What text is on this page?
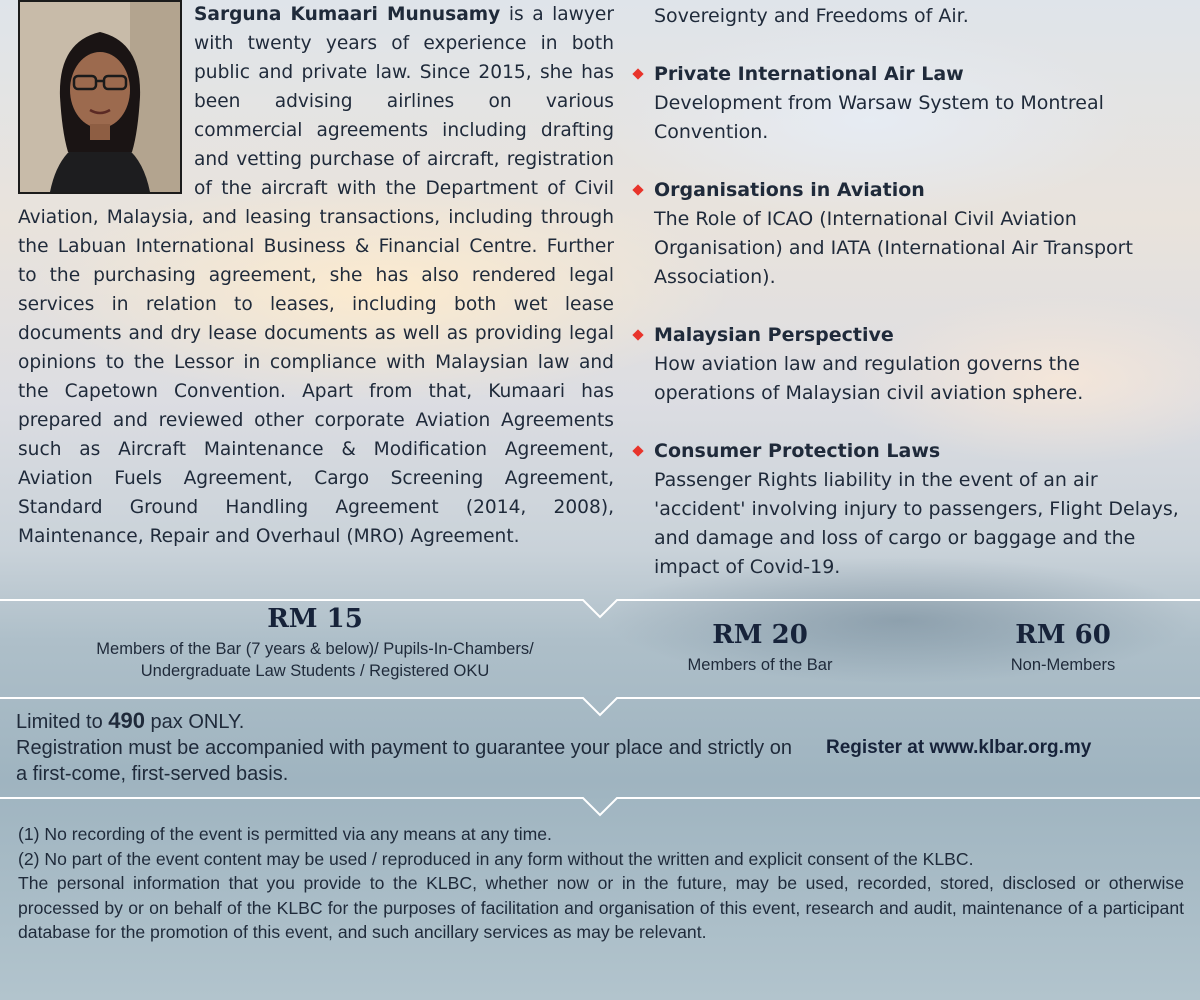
Sarguna Kumaari Munusamy is a lawyer with twenty years of experience in both public and private law. Since 2015, she has been advising airlines on various commercial agreements including drafting and vetting purchase of aircraft, registration of the aircraft with the Department of Civil Aviation, Malaysia, and leasing transactions, including through the Labuan International Business & Financial Centre. Further to the purchasing agreement, she has also rendered legal services in relation to leases, including both wet lease documents and dry lease documents as well as providing legal opinions to the Lessor in compliance with Malaysian law and the Capetown Convention. Apart from that, Kumaari has prepared and reviewed other corporate Aviation Agreements such as Aircraft Maintenance & Modification Agreement, Aviation Fuels Agreement, Cargo Screening Agreement, Standard Ground Handling Agreement (2014, 2008), Maintenance, Repair and Overhaul (MRO) Agreement.

Sovereignty and Freedoms of Air.

Private International Air Law

Development from Warsaw System to Montreal Convention.

Organisations in Aviation

The Role of ICAO (International Civil Aviation Organisation) and IATA (International Air Transport Association).

Malaysian Perspective

How aviation law and regulation governs the operations of Malaysian civil aviation sphere.

Consumer Protection Laws

Passenger Rights liability in the event of an air 'accident' involving injury to passengers, Flight Delays, and damage and loss of cargo or baggage and the impact of Covid-19.

RM 15
Members of the Bar (7 years & below)/ Pupils-In-Chambers/
Undergraduate Law Students / Registered OKU
RM 20
Members of the Bar
RM 60
Non-Members
Limited to 490 pax ONLY.
Registration must be accompanied with payment to guarantee your place and strictly on a first-come, first-served basis.
Register at www.klbar.org.my

(1) No recording of the event is permitted via any means at any time.

(2) No part of the event content may be used / reproduced in any form without the written and explicit consent of the KLBC.

The personal information that you provide to the KLBC, whether now or in the future, may be used, recorded, stored, disclosed or otherwise processed by or on behalf of the KLBC for the purposes of facilitation and organisation of this event, research and audit, maintenance of a participant database for the promotion of this event, and such ancillary services as may be relevant.
